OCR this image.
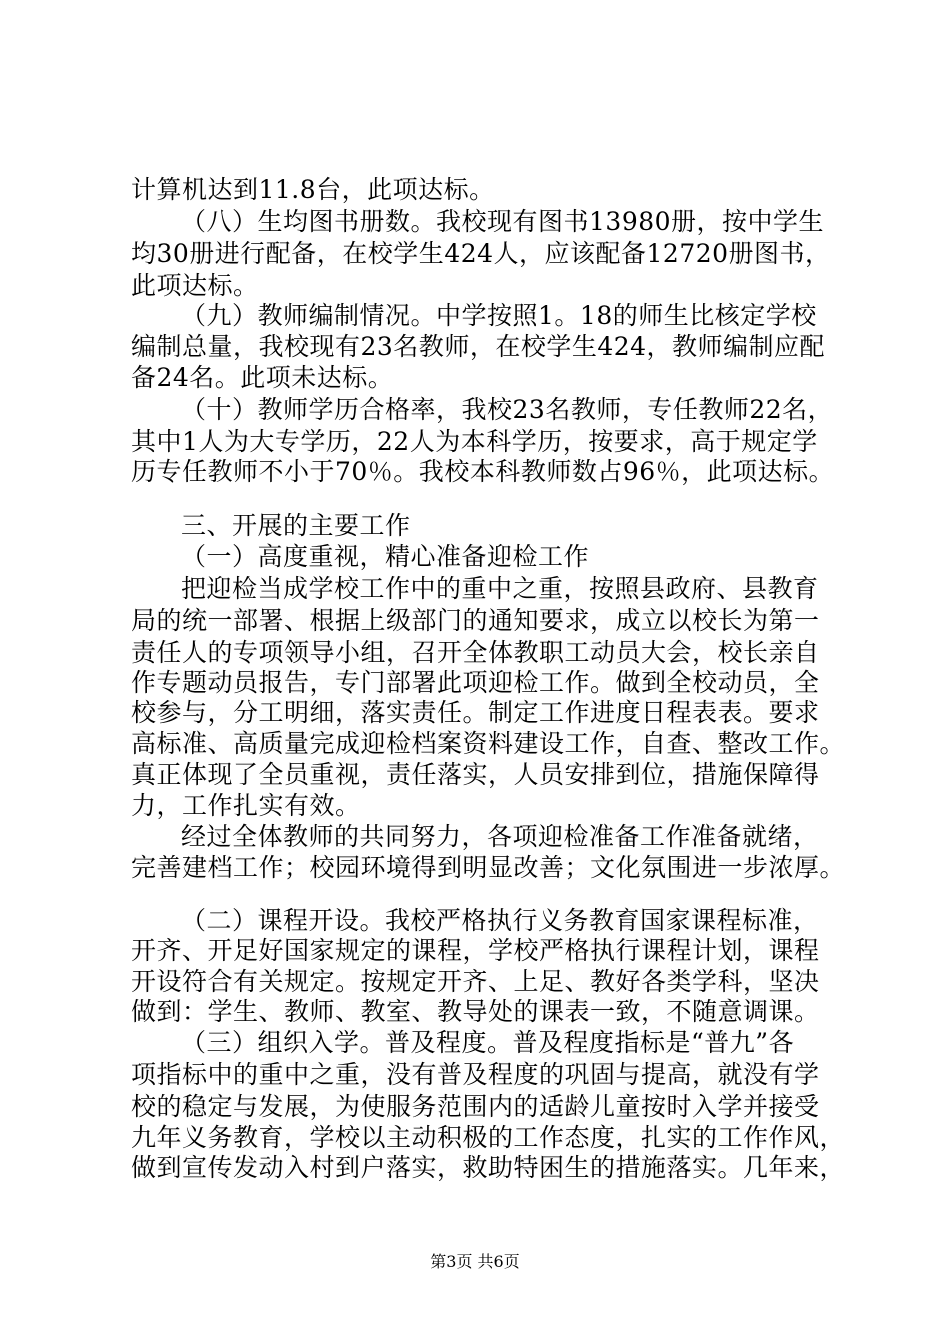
计算机达到11.8台，此项达标。
（八）生均图书册数。我校现有图书13980册，按中学生
均30册进行配备，在校学生424人，应该配备12720册图书，
此项达标。
（九）教师编制情况。中学按照1。18的师生比核定学校
编制总量，我校现有23名教师，在校学生424，教师编制应配
备24名。此项未达标。
（十）教师学历合格率，我校23名教师，专任教师22名，
其中1人为大专学历，22人为本科学历，按要求，高于规定学
历专任教师不小于70％。我校本科教师数占96％，此项达标。
三、开展的主要工作
（一）高度重视，精心准备迎检工作
把迎检当成学校工作中的重中之重，按照县政府、县教育
局的统一部署、根据上级部门的通知要求，成立以校长为第一
责任人的专项领导小组，召开全体教职工动员大会，校长亲自
作专题动员报告，专门部署此项迎检工作。做到全校动员，全
校参与，分工明细，落实责任。制定工作进度日程表表。要求
高标准、高质量完成迎检档案资料建设工作，自查、整改工作。
真正体现了全员重视，责任落实，人员安排到位，措施保障得
力，工作扎实有效。
经过全体教师的共同努力，各项迎检准备工作准备就绪，
完善建档工作；校园环境得到明显改善；文化氛围进一步浓厚。
（二）课程开设。我校严格执行义务教育国家课程标准，
开齐、开足好国家规定的课程，学校严格执行课程计划，课程
开设符合有关规定。按规定开齐、上足、教好各类学科，坚决
做到：学生、教师、教室、教导处的课表一致，不随意调课。
（三）组织入学。普及程度。普及程度指标是“普九”各
项指标中的重中之重，没有普及程度的巩固与提高，就没有学
校的稳定与发展，为使服务范围内的适龄儿童按时入学并接受
九年义务教育，学校以主动积极的工作态度，扎实的工作作风，
做到宣传发动入村到户落实，救助特困生的措施落实。几年来，
第3页 共6页
